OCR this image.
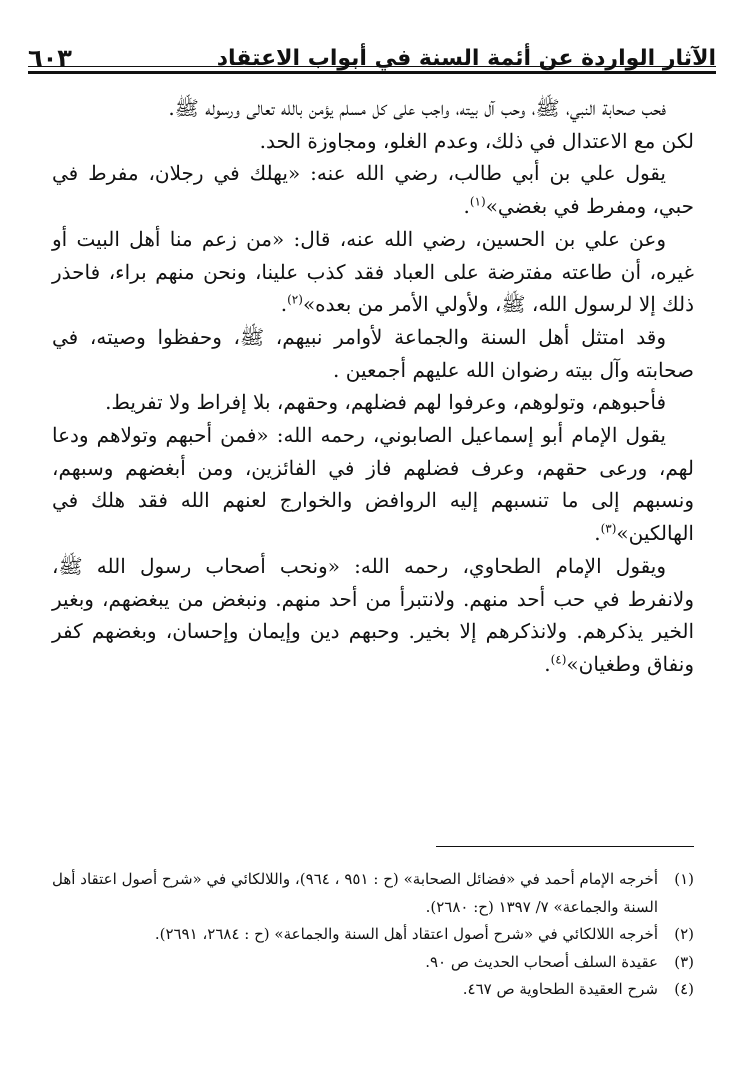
الآثار الواردة عن أئمة السنة في أبواب الاعتقاد
٦٠٣

فحب صحابة النبي، ﷺ، وحب آل بيته، واجب على كل مسلم يؤمن بالله تعالى ورسوله ﷺ.

لكن مع الاعتدال في ذلك، وعدم الغلو، ومجاوزة الحد.

يقول علي بن أبي طالب، رضي الله عنه: «يهلك في رجلان، مفرط في حبي، ومفرط في بغضي»$^{(١)}$.

وعن علي بن الحسين، رضي الله عنه، قال: «من زعم منا أهل البيت أو غيره، أن طاعته مفترضة على العباد فقد كذب علينا، ونحن منهم براء، فاحذر ذلك إلا لرسول الله، ﷺ، ولأولي الأمر من بعده»$^{(٢)}$.

وقد امتثل أهل السنة والجماعة لأوامر نبيهم، ﷺ، وحفظوا وصيته، في صحابته وآل بيته رضوان الله عليهم أجمعين .

فأحبوهم، وتولوهم، وعرفوا لهم فضلهم، وحقهم، بلا إفراط ولا تفريط.

يقول الإمام أبو إسماعيل الصابوني، رحمه الله: «فمن أحبهم وتولاهم ودعا لهم، ورعى حقهم، وعرف فضلهم فاز في الفائزين، ومن أبغضهم وسبهم، ونسبهم إلى ما تنسبهم إليه الروافض والخوارج لعنهم الله فقد هلك في الهالكين»$^{(٣)}$.

ويقول الإمام الطحاوي، رحمه الله: «ونحب أصحاب رسول الله ﷺ، ولانفرط في حب أحد منهم. ولانتبرأ من أحد منهم. ونبغض من يبغضهم، وبغير الخير يذكرهم. ولانذكرهم إلا بخير. وحبهم دين وإيمان وإحسان، وبغضهم كفر ونفاق وطغيان»$^{(٤)}$.

(١)
أخرجه الإمام أحمد في «فضائل الصحابة» (ح : ٩٥١ ، ٩٦٤)، واللالكائي في «شرح أصول اعتقاد أهل السنة والجماعة» ٧/ ١٣٩٧ (ح: ٢٦٨٠).
(٢)
أخرجه اللالكائي في «شرح أصول اعتقاد أهل السنة والجماعة» (ح : ٢٦٨٤، ٢٦٩١).
(٣)
عقيدة السلف أصحاب الحديث ص ٩٠.
(٤)
شرح العقيدة الطحاوية ص ٤٦٧.
